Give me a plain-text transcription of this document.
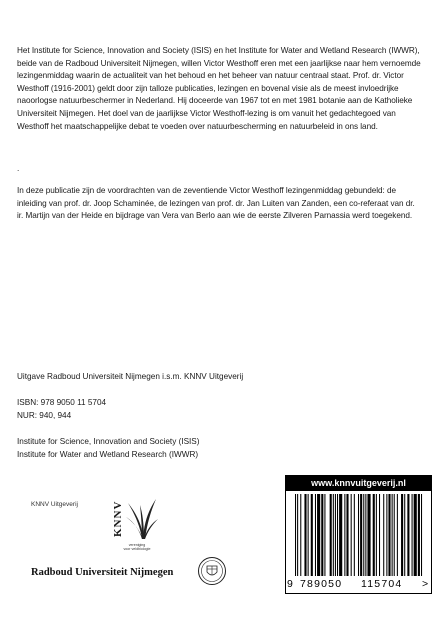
Het Institute for Science, Innovation and Society (ISIS) en het Institute for Water and Wetland Research (IWWR), beide van de Radboud Universiteit Nijmegen, willen Victor Westhoff eren met een jaarlijkse naar hem vernoemde lezingenmiddag waarin de actualiteit van het behoud en het beheer van natuur centraal staat. Prof. dr. Victor Westhoff (1916-2001) geldt door zijn talloze publicaties, lezingen en bovenal visie als de meest invloedrijke naoorlogse natuurbeschermer in Nederland. Hij doceerde van 1967 tot en met 1981 botanie aan de Katholieke Universiteit Nijmegen. Het doel van de jaarlijkse Victor Westhoff-lezing is om vanuit het gedachtegoed van Westhoff het maatschappelijke debat te voeden over natuurbescherming en natuurbeleid in ons land.

.

In deze publicatie zijn de voordrachten van de zeventiende Victor Westhoff lezingenmiddag gebundeld: de inleiding van prof. dr. Joop Schaminée, de lezingen van prof. dr. Jan Luiten van Zanden, een co-referaat van dr. ir. Martijn van der Heide en bijdrage van Vera van Berlo aan wie de eerste Zilveren Parnassia werd toegekend.

Uitgave Radboud Universiteit Nijmegen i.s.m. KNNV Uitgeverij
ISBN: 978 9050 11 5704
NUR: 940, 944
Institute for Science, Innovation and Society (ISIS)
Institute for Water and Wetland Research (IWWR)
KNNV Uitgeverij	KNNV
vereniging
voor veldbiologie
Radboud Universiteit Nijmegen
www.knnvuitgeverij.nl
9 789050 115704 >
